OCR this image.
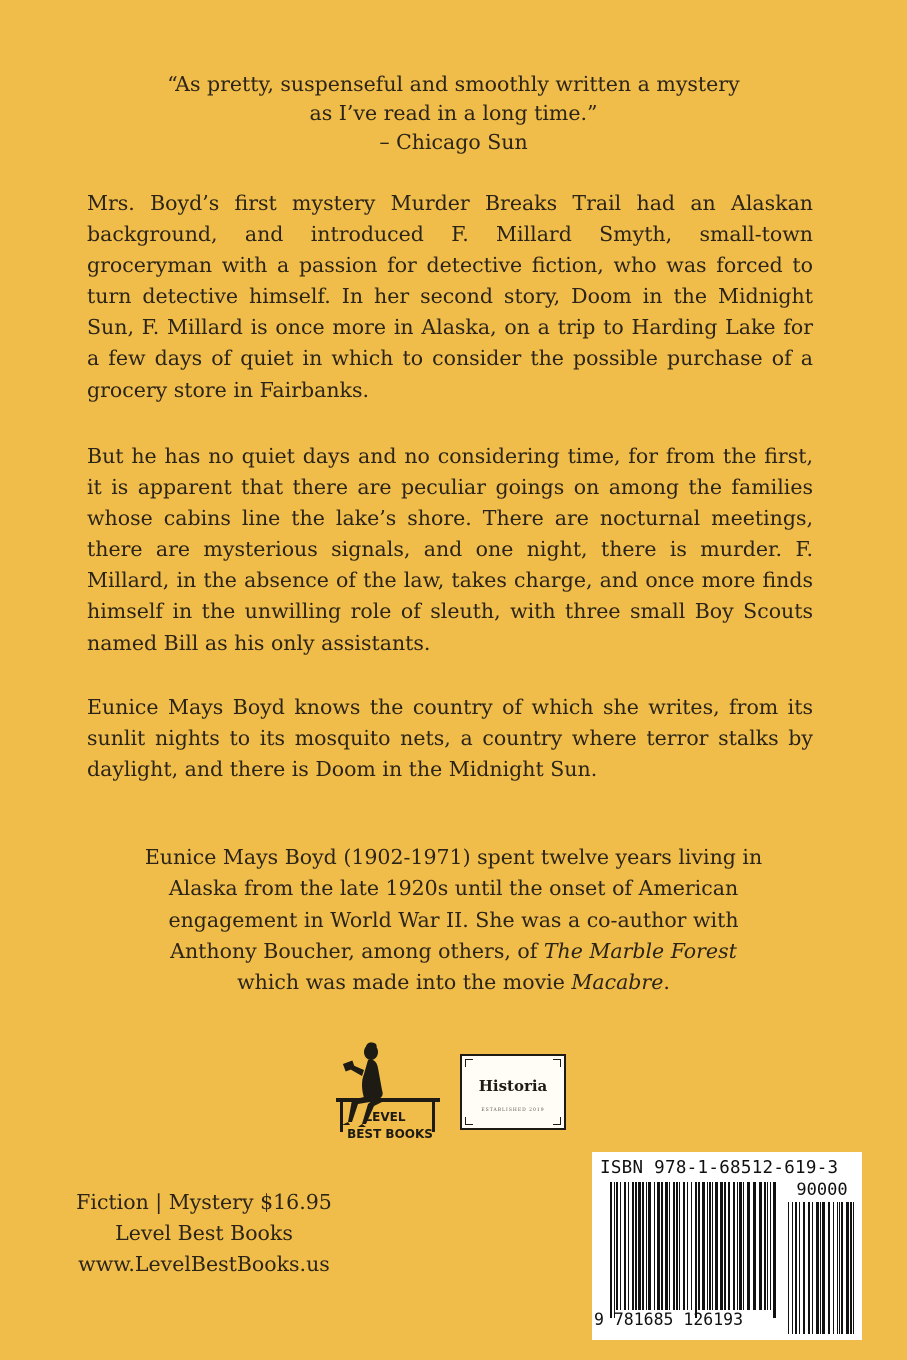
“As pretty, suspenseful and smoothly written a mystery
as I’ve read in a long time.”
– Chicago Sun

Mrs. Boyd’s first mystery Murder Breaks Trail had an Alaskan background, and introduced F. Millard Smyth, small-town groceryman with a passion for detective fiction, who was forced to turn detective himself. In her second story, Doom in the Midnight Sun, F. Millard is once more in Alaska, on a trip to Harding Lake for a few days of quiet in which to consider the possible purchase of a grocery store in Fairbanks.

But he has no quiet days and no considering time, for from the first, it is apparent that there are peculiar goings on among the families whose cabins line the lake’s shore. There are nocturnal meetings, there are mysterious signals, and one night, there is murder. F. Millard, in the absence of the law, takes charge, and once more finds himself in the unwilling role of sleuth, with three small Boy Scouts named Bill as his only assistants.

Eunice Mays Boyd knows the country of which she writes, from its sunlit nights to its mosquito nets, a country where terror stalks by daylight, and there is Doom in the Midnight Sun.

Eunice Mays Boyd (1902-1971) spent twelve years living in
Alaska from the late 1920s until the onset of American
engagement in World War II. She was a co-author with
Anthony Boucher, among others, of The Marble Forest
which was made into the movie Macabre.
LEVEL
BEST BOOKS
Historia
ESTABLISHED 2019
Fiction | Mystery $16.95
Level Best Books
www.LevelBestBooks.us
ISBN 978-1-68512-619-3
90000
9 781685 126193
